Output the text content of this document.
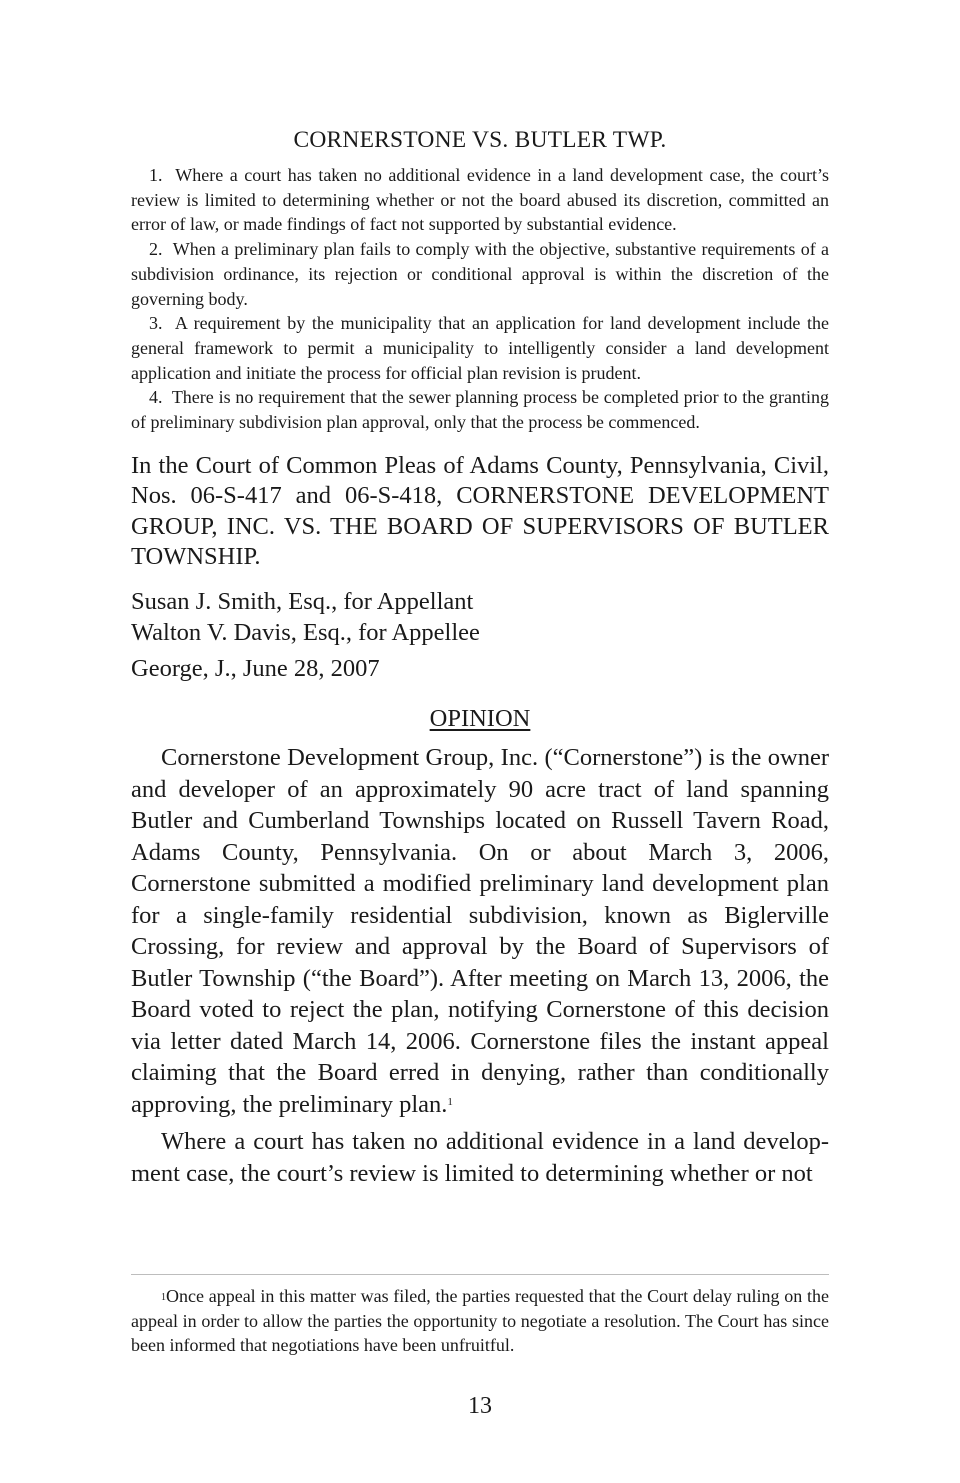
CORNERSTONE VS. BUTLER TWP.

1. Where a court has taken no additional evidence in a land development case, the court’s review is limited to determining whether or not the board abused its discretion, committed an error of law, or made findings of fact not supported by substantial evidence.

2. When a preliminary plan fails to comply with the objective, substantive requirements of a subdivision ordinance, its rejection or conditional approval is within the discretion of the governing body.

3. A requirement by the municipality that an application for land development include the general framework to permit a municipality to intelligently consider a land development application and initiate the process for official plan revision is prudent.

4. There is no requirement that the sewer planning process be completed prior to the granting of preliminary subdivision plan approval, only that the process be commenced.

In the Court of Common Pleas of Adams County, Pennsylvania, Civil, Nos. 06-S-417 and 06-S-418, CORNERSTONE DEVELOPMENT GROUP, INC. VS. THE BOARD OF SUPERVISORS OF BUTLER TOWNSHIP.

Susan J. Smith, Esq., for Appellant
Walton V. Davis, Esq., for Appellee
George, J., June 28, 2007
OPINION

Cornerstone Development Group, Inc. (“Cornerstone”) is the owner and developer of an approximately 90 acre tract of land spanning Butler and Cumberland Townships located on Russell Tavern Road, Adams County, Pennsylvania. On or about March 3, 2006, Cornerstone submitted a modified preliminary land development plan for a single-family residential subdivision, known as Biglerville Crossing, for review and approval by the Board of Supervisors of Butler Township (“the Board”). After meeting on March 13, 2006, the Board voted to reject the plan, notifying Cornerstone of this decision via letter dated March 14, 2006. Cornerstone files the instant appeal claiming that the Board erred in denying, rather than conditionally approving, the preliminary plan.$^1$

Where a court has taken no additional evidence in a land development case, the court’s review is limited to determining whether or not

$^1$Once appeal in this matter was filed, the parties requested that the Court delay ruling on the appeal in order to allow the parties the opportunity to negotiate a resolution. The Court has since been informed that negotiations have been unfruitful.

13
